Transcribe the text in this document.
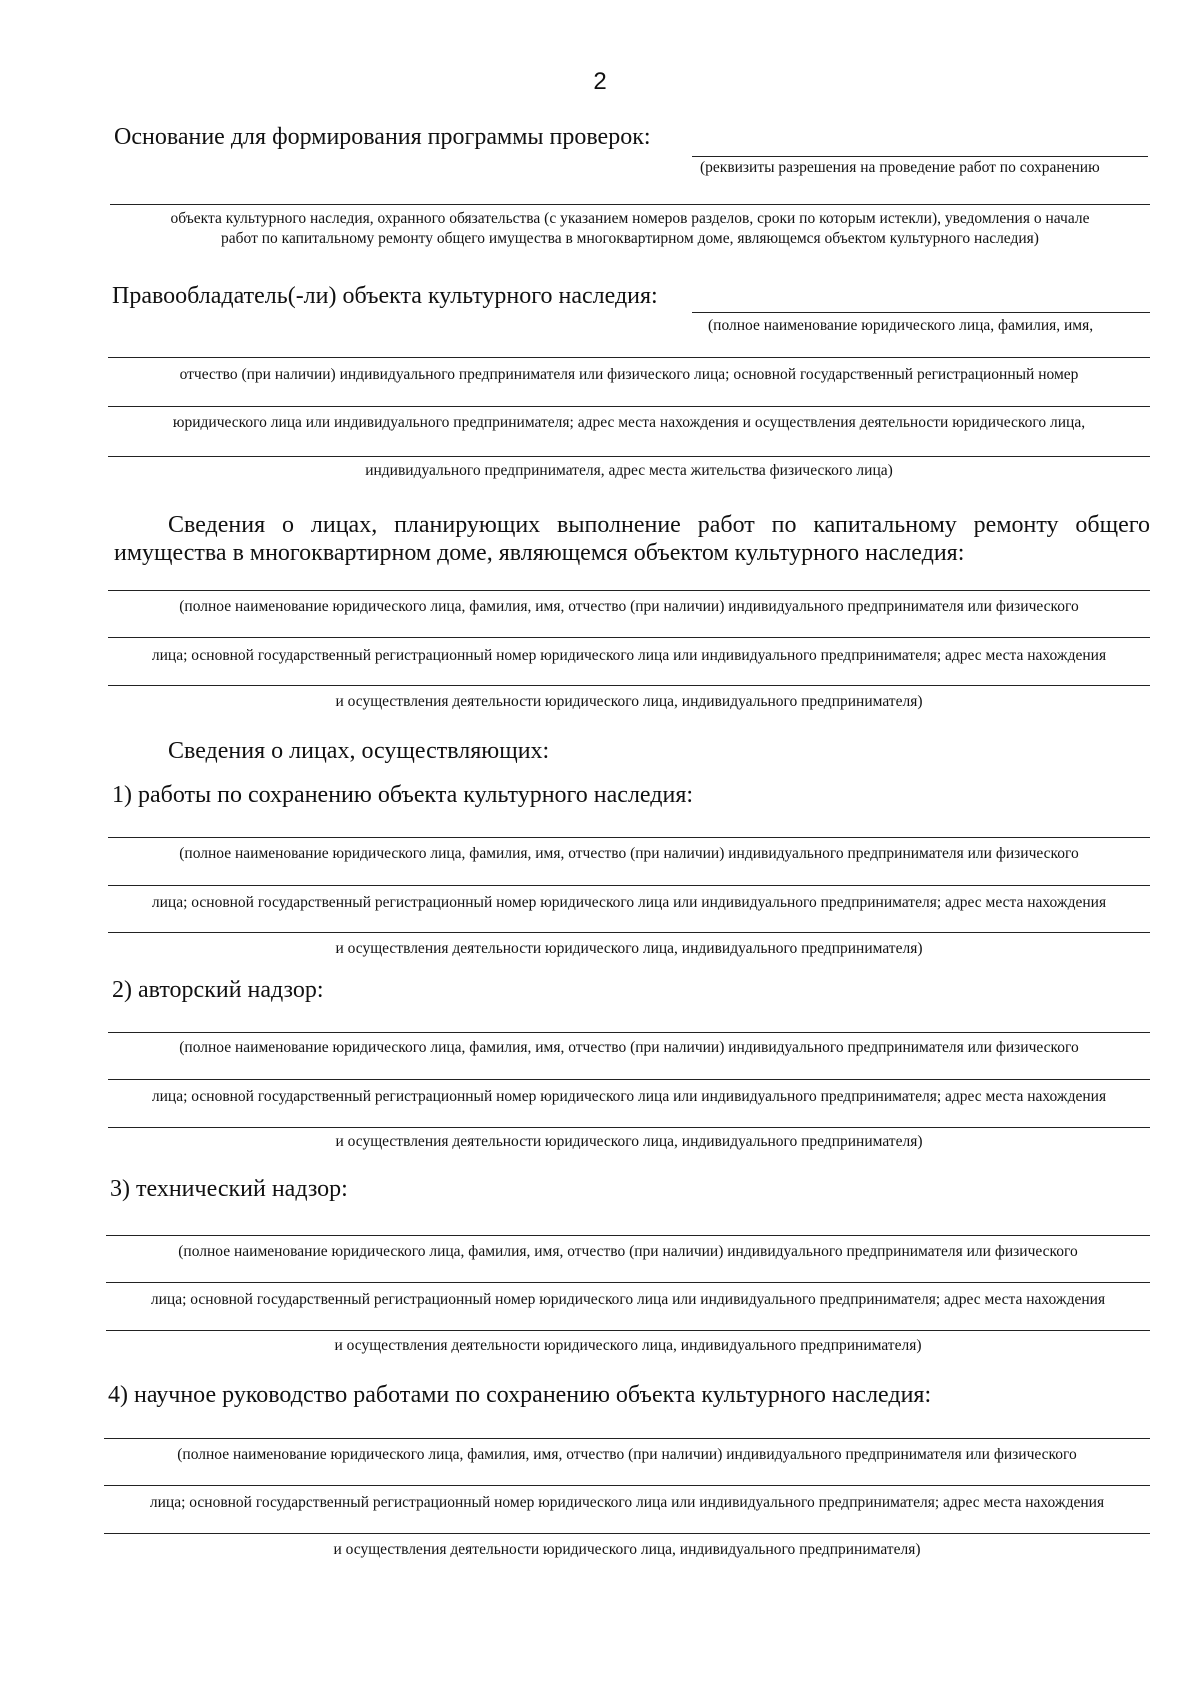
2
Основание для формирования программы проверок:
(реквизиты разрешения на проведение работ по сохранению
объекта культурного наследия, охранного обязательства (с указанием номеров разделов, сроки по которым истекли), уведомления о начале
работ по капитальному ремонту общего имущества в многоквартирном доме, являющемся объектом культурного наследия)
Правообладатель(-ли) объекта культурного наследия:
(полное наименование юридического лица, фамилия, имя,
отчество (при наличии) индивидуального предпринимателя или физического лица; основной государственный регистрационный номер
юридического лица или индивидуального предпринимателя; адрес места нахождения и осуществления деятельности юридического лица,
индивидуального предпринимателя, адрес места жительства физического лица)
Сведения о лицах, планирующих выполнение работ по капитальному ремонту общего
имущества в многоквартирном доме, являющемся объектом культурного наследия:
(полное наименование юридического лица, фамилия, имя, отчество (при наличии) индивидуального предпринимателя или физического
лица; основной государственный регистрационный номер юридического лица или индивидуального предпринимателя; адрес места нахождения
и осуществления деятельности юридического лица, индивидуального предпринимателя)
Сведения о лицах, осуществляющих:
1) работы по сохранению объекта культурного наследия:
(полное наименование юридического лица, фамилия, имя, отчество (при наличии) индивидуального предпринимателя или физического
лица; основной государственный регистрационный номер юридического лица или индивидуального предпринимателя; адрес места нахождения
и осуществления деятельности юридического лица, индивидуального предпринимателя)
2) авторский надзор:
(полное наименование юридического лица, фамилия, имя, отчество (при наличии) индивидуального предпринимателя или физического
лица; основной государственный регистрационный номер юридического лица или индивидуального предпринимателя; адрес места нахождения
и осуществления деятельности юридического лица, индивидуального предпринимателя)
3) технический надзор:
(полное наименование юридического лица, фамилия, имя, отчество (при наличии) индивидуального предпринимателя или физического
лица; основной государственный регистрационный номер юридического лица или индивидуального предпринимателя; адрес места нахождения
и осуществления деятельности юридического лица, индивидуального предпринимателя)
4) научное руководство работами по сохранению объекта культурного наследия:
(полное наименование юридического лица, фамилия, имя, отчество (при наличии) индивидуального предпринимателя или физического
лица; основной государственный регистрационный номер юридического лица или индивидуального предпринимателя; адрес места нахождения
и осуществления деятельности юридического лица, индивидуального предпринимателя)
